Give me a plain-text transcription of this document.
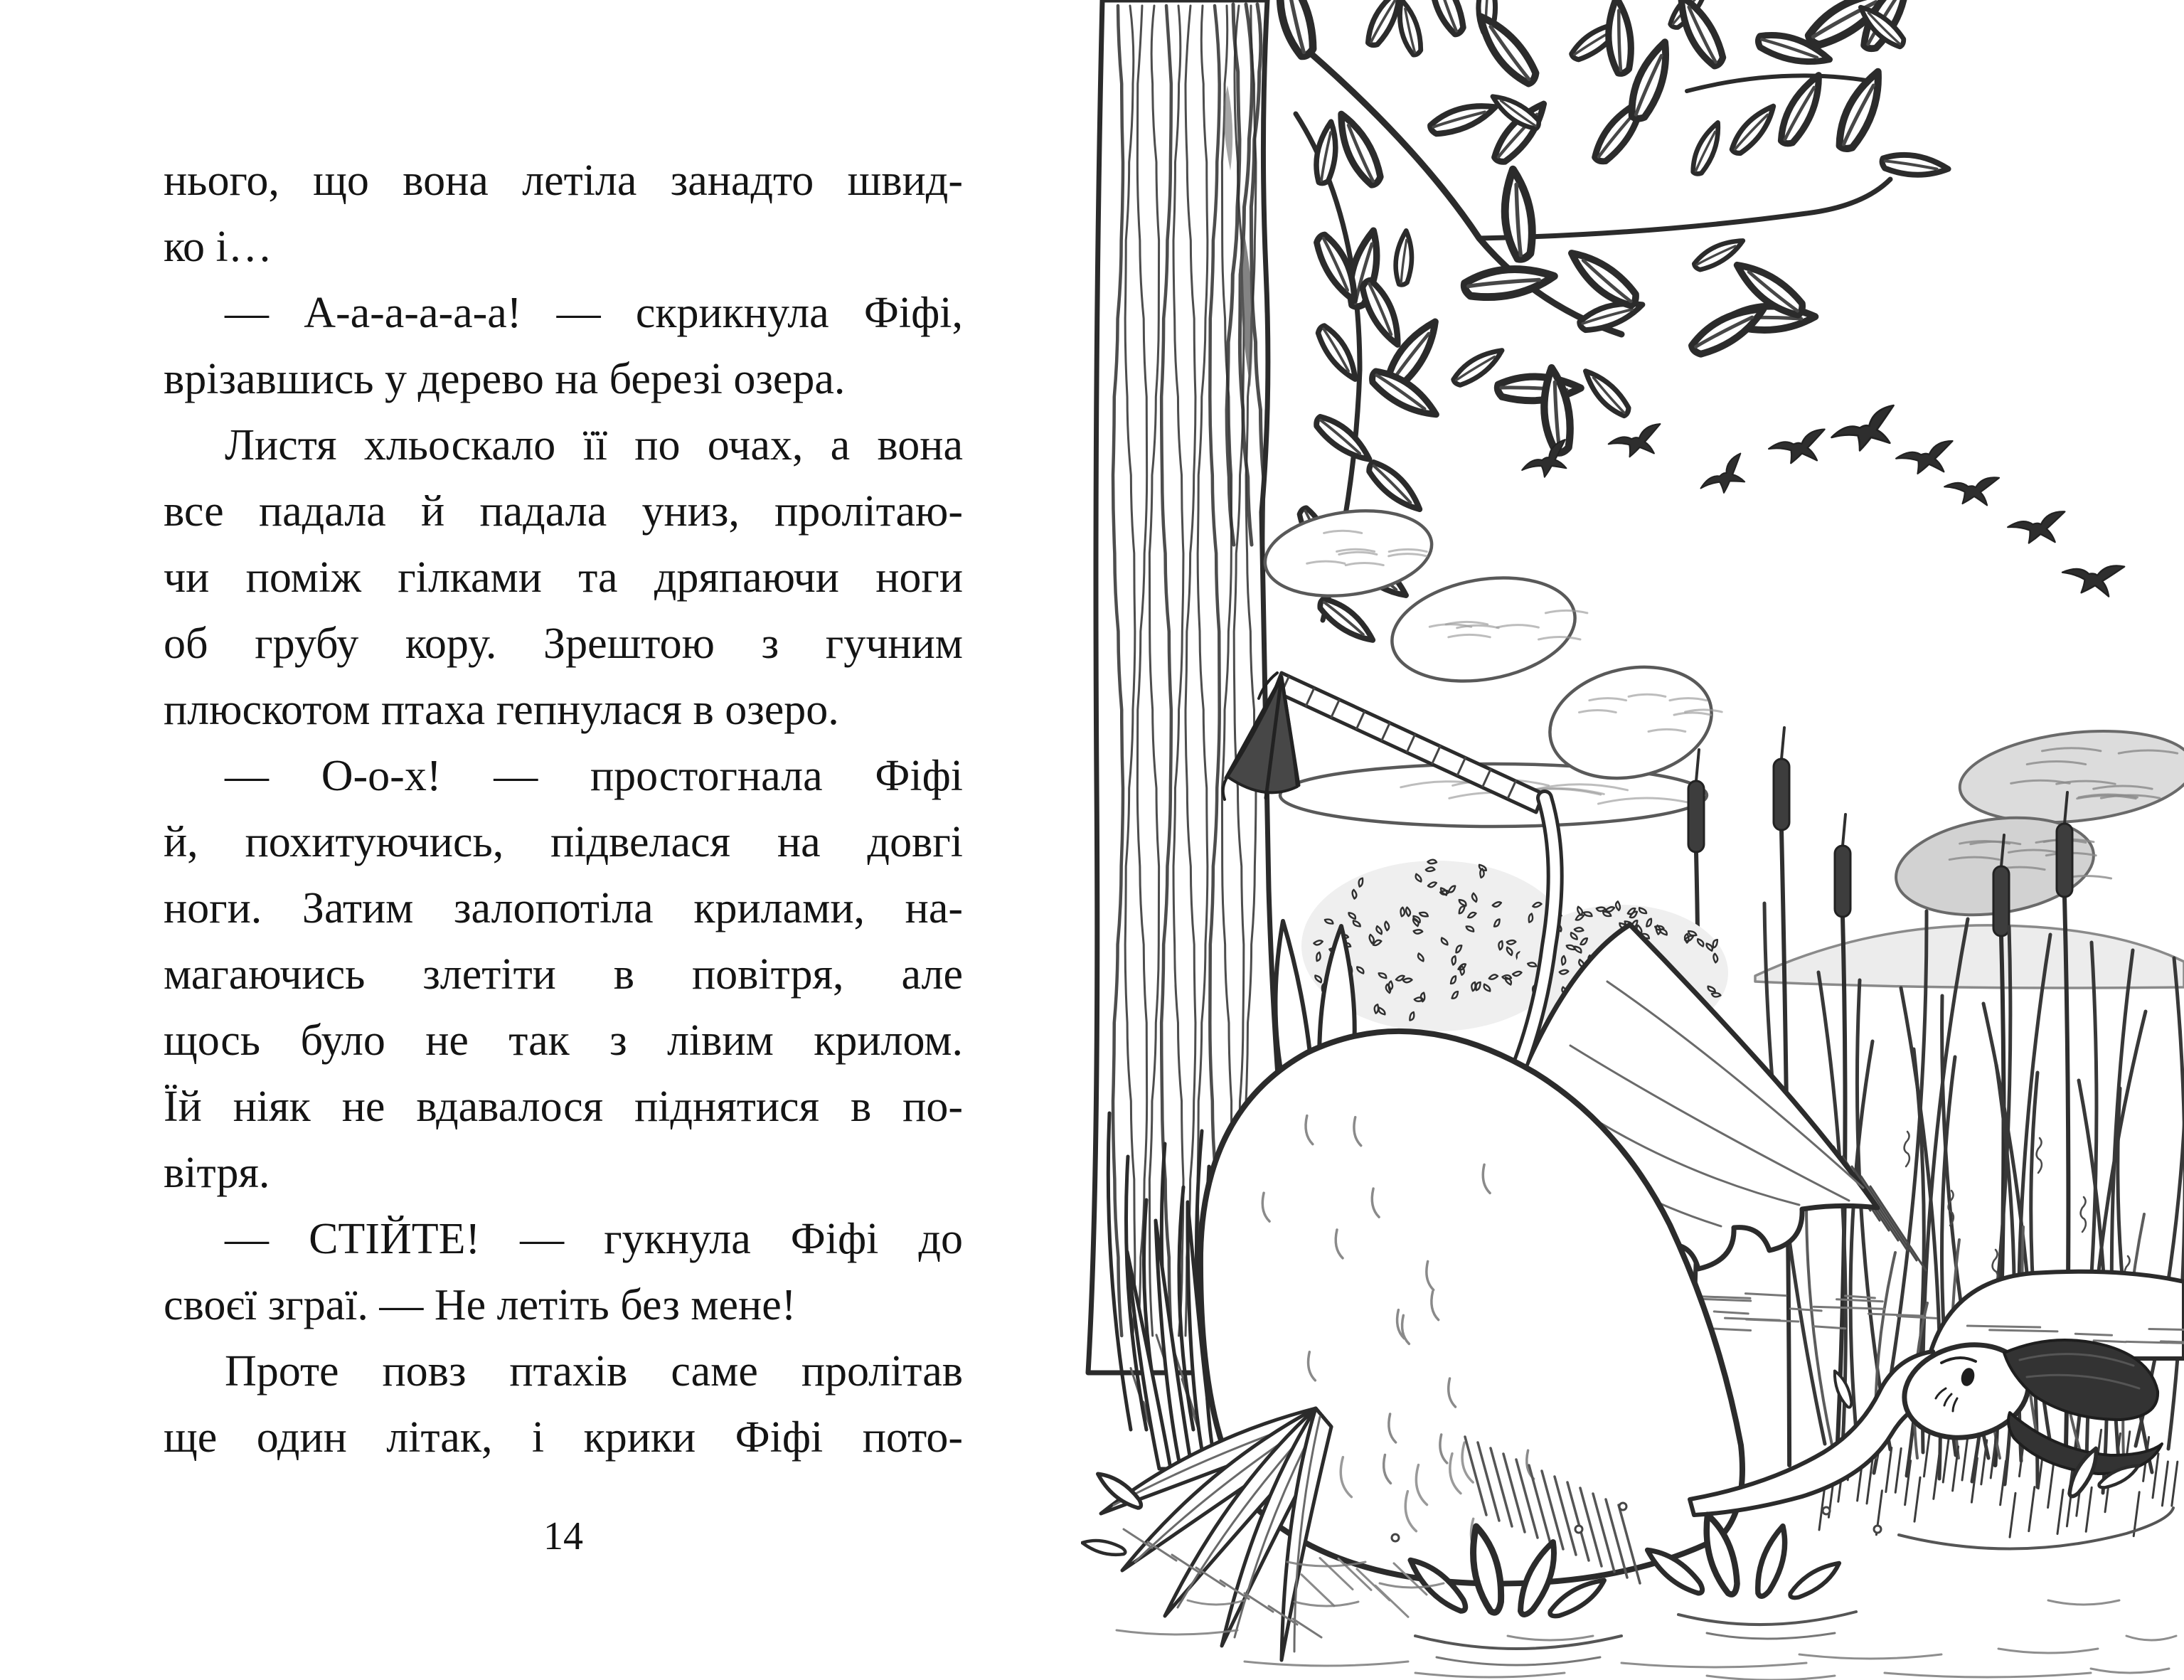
нього, що вона летіла занадто швид-

ко і…

— А-а-а-а-а-а! — скрикнула Фіфі,

врізавшись у дерево на березі озера.

Листя хльоскало її по очах, а вона

все падала й падала униз, пролітаю-

чи поміж гілками та дряпаючи ноги

об грубу кору. Зрештою з гучним

плюскотом птаха гепнулася в озеро.

— О-о-х! — простогнала Фіфі

й, похитуючись, підвелася на довгі

ноги. Затим залопотіла крилами, на-

магаючись злетіти в повітря, але

щось було не так з лівим крилом.

Їй ніяк не вдавалося піднятися в по-

вітря.

— СТІЙТЕ! — гукнула Фіфі до

своєї зграї. — Не летіть без мене!

Проте повз птахів саме пролітав

ще один літак, і крики Фіфі пото-

14
